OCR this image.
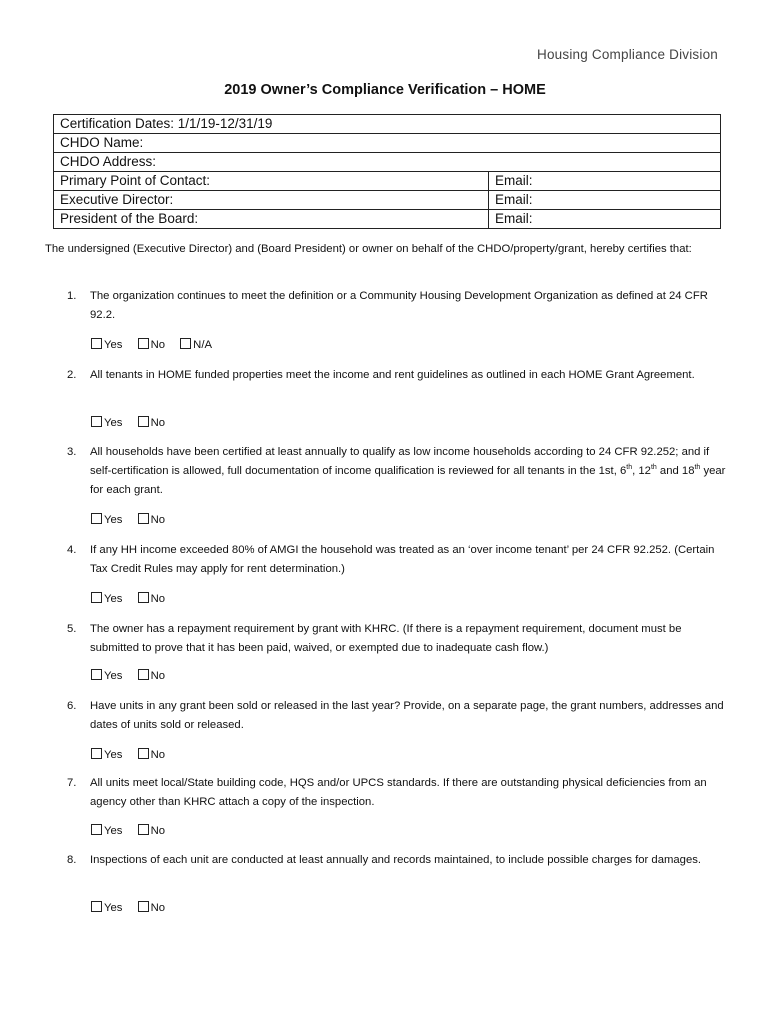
Housing Compliance Division
2019 Owner’s Compliance Verification – HOME
Certification Dates: 1/1/19-12/31/19	
CHDO Name:	
CHDO Address:	
Primary Point of Contact:	Email:
Executive Director:	Email:
President of the Board:	Email:
The undersigned (Executive Director) and (Board President) or owner on behalf of the CHDO/property/grant, hereby certifies that:
1.	The organization continues to meet the definition or a Community Housing Development Organization as defined at 24 CFR 92.2.
Yes No N/A
2.	All tenants in HOME funded properties meet the income and rent guidelines as outlined in each HOME Grant Agreement.
Yes No
3.	All households have been certified at least annually to qualify as low income households according to 24 CFR 92.252; and if self-certification is allowed, full documentation of income qualification is reviewed for all tenants in the 1st, 6th, 12th and 18th year for each grant.
Yes No
4.	If any HH income exceeded 80% of AMGI the household was treated as an ‘over income tenant’ per 24 CFR 92.252. (Certain Tax Credit Rules may apply for rent determination.)
Yes No
5.	The owner has a repayment requirement by grant with KHRC. (If there is a repayment requirement, document must be submitted to prove that it has been paid, waived, or exempted due to inadequate cash flow.)
Yes No
6.	Have units in any grant been sold or released in the last year? Provide, on a separate page, the grant numbers, addresses and dates of units sold or released.
Yes No
7.	All units meet local/State building code, HQS and/or UPCS standards. If there are outstanding physical deficiencies from an agency other than KHRC attach a copy of the inspection.
Yes No
8.	Inspections of each unit are conducted at least annually and records maintained, to include possible charges for damages.
Yes No
